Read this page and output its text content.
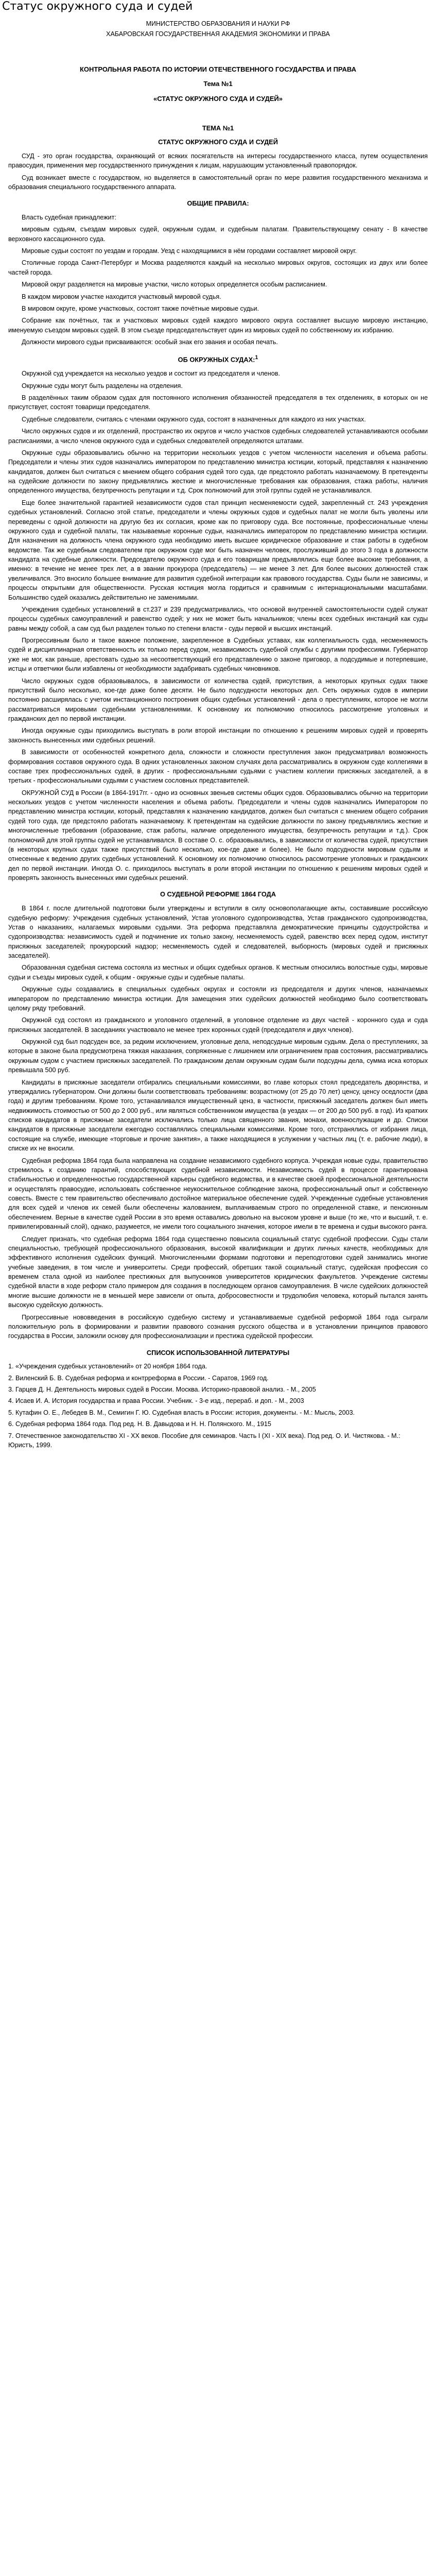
Статус окружного суда и судей
МИНИСТЕРСТВО ОБРАЗОВАНИЯ И НАУКИ РФ
ХАБАРОВСКАЯ ГОСУДАРСТВЕННАЯ АКАДЕМИЯ ЭКОНОМИКИ И ПРАВА
КОНТРОЛЬНАЯ РАБОТА ПО ИСТОРИИ ОТЕЧЕСТВЕННОГО ГОСУДАРСТВА И ПРАВА
Тема №1
«СТАТУС ОКРУЖНОГО СУДА И СУДЕЙ»
ТЕМА №1
СТАТУС ОКРУЖНОГО СУДА И СУДЕЙ

СУД - это орган государства, охраняющий от всяких посягательств на интересы государственного класса, путем осуществления правосудия, применения мер государственного принуждения к лицам, нарушающим установленный правопорядок.

Суд возникает вместе с государством, но выделяется в самостоятельный орган по мере развития государственного механизма и образования специального государственного аппарата.

ОБЩИЕ ПРАВИЛА:

Власть судебная принадлежит:

мировым судьям, съездам мировых судей, окружным судам, и судебным палатам. Правительствующему сенату - В качестве верховного кассационного суда.

Мировые судьи состоят по уездам и городам. Уезд с находящимися в нём городами составляет мировой округ.

Столичные города Санкт-Петербург и Москва разделяются каждый на несколько мировых округов, состоящих из двух или более частей города.

Мировой округ разделяется на мировые участки, число которых определяется особым расписанием.

В каждом мировом участке находится участковый мировой судья.

В мировом округе, кроме участковых, состоят также почётные мировые судьи.

Собрание как почётных, так и участковых мировых судей каждого мирового округа составляет высшую мировую инстанцию, именуемую съездом мировых судей. В этом съезде председательствует один из мировых судей по собственному их избранию.

Должности мирового судьи присваиваются: особый знак его звания и особая печать.

ОБ ОКРУЖНЫХ СУДАХ:$^1$

Окружной суд учреждается на несколько уездов и состоит из председателя и членов.

Окружные суды могут быть разделены на отделения.

В разделённых таким образом судах для постоянного исполнения обязанностей председателя в тех отделениях, в которых он не присутствует, состоят товарищи председателя.

Судебные следователи, считаясь с членами окружного суда, состоят в назначенных для каждого из них участках.

Число окружных судов и их отделений, пространство их округов и число участков судебных следователей устанавливаются особыми расписаниями, а число членов окружного суда и судебных следователей определяются штатами.

Окружные суды образовывались обычно на территории нескольких уездов с учетом численности населения и объема работы. Председатели и члены этих судов назначались императором по представлению министра юстиции, который, представляя к назначению кандидатов, должен был считаться с мнением общего собрания судей того суда, где предстояло работать назначаемому. В претенденты на судейские должности по закону предъявлялись жесткие и многочисленные требования как образования, стажа работы, наличия определенного имущества, безупречность репутации и т.д. Срок полномочий для этой группы судей не устанавливался.

Еще более значительной гарантией независимости судов стал принцип несменяемости судей, закрепленный ст. 243 учреждения судебных установлений. Согласно этой статье, председатели и члены окружных судов и судебных палат не могли быть уволены или переведены с одной должности на другую без их согласия, кроме как по приговору суда. Все постоянные, профессиональные члены окружного суда и судебной палаты, так называемые коронные судьи, назначались императором по представлению министра юстиции. Для назначения на должность члена окружного суда необходимо иметь высшее юридическое образование и стаж работы в судебном ведомстве. Так же судебным следователем при окружном суде мог быть назначен человек, прослуживший до этого 3 года в должности кандидата на судебные должности. Председателю окружного суда и его товарищам предъявлялись еще более высокие требования, а именно: в течение не менее трех лет, а в звании прокурора (председатель) — не менее 3 лет. Для более высоких должностей стаж увеличивался. Это вносило большее внимание для развития судебной интеграции как правового государства. Суды были не зависимы, и процессы открытыми для общественности. Русская юстиция могла гордиться и сравнимым с интернациональными масштабами. Большинство судей оказались действительно не заменимыми.

Учреждения судебных установлений в ст.237 и 239 предусматривались, что основой внутренней самостоятельности судей служат процессы судебных самоуправлений и равенство судей; у них не может быть начальников; члены всех судебных инстанций как суды равны между собой, а сам суд был разделен только по степени власти - суды первой и высших инстанций.

Прогрессивным было и такое важное положение, закрепленное в Судебных уставах, как коллегиальность суда, несменяемость судей и дисциплинарная ответственность их только перед судом, независимость судебной службы с другими профессиями. Губернатор уже не мог, как раньше, арестовать судью за несоответствующий его представлению о законе приговор, а подсудимые и потерпевшие, истцы и ответчики были избавлены от необходимости задабривать судебных чиновников.

Число окружных судов образовывалось, в зависимости от количества судей, присутствия, а некоторых крупных судах также присутствий было несколько, кое-где даже более десяти. Не было подсудности некоторых дел. Сеть окружных судов в империи постоянно расширялась с учетом инстанционного построения общих судебных установлений - дела о преступлениях, которое не могли рассматриваться мировыми судебными установлениями. К основному их полномочию относилось рассмотрение уголовных и гражданских дел по первой инстанции.

Иногда окружные суды приходились выступать в роли второй инстанции по отношению к решениям мировых судей и проверять законность вынесенных ими судебных решений.

В зависимости от особенностей конкретного дела, сложности и сложности преступления закон предусматривал возможность формирования составов окружного суда. В одних установленных законом случаях дела рассматривались в окружном суде коллегиями в составе трех профессиональных судей, в других - профессиональными судьями с участием коллегии присяжных заседателей, а в третьих - профессиональными судьями с участием сословных представителей.

ОКРУЖНОЙ СУД в России (в 1864-1917гг. - одно из основных звеньев системы общих судов. Образовывались обычно на территории нескольких уездов с учетом численности населения и объема работы. Председатели и члены судов назначались Императором по представлению министра юстиции, который, представляя к назначению кандидатов, должен был считаться с мнением общего собрания судей того суда, где предстояло работать назначаемому. К претендентам на судейские должности по закону предъявлялись жесткие и многочисленные требования (образование, стаж работы, наличие определенного имущества, безупречность репутации и т.д.). Срок полномочий для этой группы судей не устанавливался. В составе О. с. образовывались, в зависимости от количества судей, присутствия (в некоторых крупных судах также присутствий было несколько, кое-где даже и более). Не было подсудности мировым судьям и отнесенные к ведению других судебных установлений. К основному их полномочию относилось рассмотрение уголовных и гражданских дел по первой инстанции. Иногда О. с. приходилось выступать в роли второй инстанции по отношению к решениям мировых судей и проверять законность вынесенных ими судебных решений.

О СУДЕБНОЙ РЕФОРМЕ 1864 ГОДА

В 1864 г. после длительной подготовки были утверждены и вступили в силу основополагающие акты, составившие российскую судебную реформу: Учреждения судебных установлений, Устав уголовного судопроизводства, Устав гражданского судопроизводства, Устав о наказаниях, налагаемых мировыми судьями. Эта реформа представляла демократические принципы судоустройства и судопроизводства: независимость судей и подчинение их только закону, несменяемость судей, равенство всех перед судом, институт присяжных заседателей; прокурорский надзор; несменяемость судей и следователей, выборность (мировых судей и присяжных заседателей).

Образованная судебная система состояла из местных и общих судебных органов. К местным относились волостные суды, мировые судьи и съезды мировых судей, к общим - окружные суды и судебные палаты.

Окружные суды создавались в специальных судебных округах и состояли из председателя и других членов, назначаемых императором по представлению министра юстиции. Для замещения этих судейских должностей необходимо было соответствовать целому ряду требований.

Окружной суд состоял из гражданского и уголовного отделений, в уголовное отделение из двух частей - коронного суда и суда присяжных заседателей. В заседаниях участвовало не менее трех коронных судей (председателя и двух членов).

Окружной суд был подсуден все, за редким исключением, уголовные дела, неподсудные мировым судьям. Дела о преступлениях, за которые в законе была предусмотрена тяжкая наказания, сопряженные с лишением или ограничением прав состояния, рассматривались окружным судом с участием присяжных заседателей. По гражданским делам окружным судам были подсудны дела, сумма иска которых превышала 500 руб.

Кандидаты в присяжные заседатели отбирались специальными комиссиями, во главе которых стоял председатель дворянства, и утверждались губернатором. Они должны были соответствовать требованиям: возрастному (от 25 до 70 лет) ценсу, ценсу оседлости (два года) и другим требованиям. Кроме того, устанавливался имущественный ценз, в частности, присяжный заседатель должен был иметь недвижимость стоимостью от 500 до 2 000 руб., или являться собственником имущества (в уездах — от 200 до 500 руб. в год). Из кратких списков кандидатов в присяжные заседатели исключались только лица священного звания, монахи, военнослужащие и др. Списки кандидатов в присяжные заседатели ежегодно составлялись специальными комиссиями. Кроме того, отстранялись от избрания лица, состоящие на службе, имеющие «торговые и прочие занятия», а также находящиеся в услужении у частных лиц (т. е. рабочие люди), в списке их не вносили.

Судебная реформа 1864 года была направлена на создание независимого судебного корпуса. Учреждая новые суды, правительство стремилось к созданию гарантий, способствующих судебной независимости. Независимость судей в процессе гарантирована стабильностью и определенностью государственной карьеры судебного ведомства, и в качестве своей профессиональной деятельности и осуществлять правосудие, использовать собственное неукоснительное соблюдение закона, профессиональный опыт и собственную совесть. Вместе с тем правительство обеспечивало достойное материальное обеспечение судей. Учрежденные судебные установления для всех судей и членов их семей были обеспечены жалованием, выплачиваемым строго по определенной ставке, и пенсионным обеспечением. Верные в качестве судей России в это время оставались довольно на высоком уровне и выше (то же, что и высший, т. е. привилегированный слой), однако, разумеется, не имели того социального значения, которое имели в те времена и судьи высокого ранга.

Следует признать, что судебная реформа 1864 года существенно повысила социальный статус судебной профессии. Суды стали специальностью, требующей профессионального образования, высокой квалификации и других личных качеств, необходимых для эффективного исполнения судейских функций. Многочисленными формами подготовки и переподготовки судей занимались многие учебные заведения, в том числе и университеты. Среди профессий, обретших такой социальный статус, судейская профессия со временем стала одной из наиболее престижных для выпускников университетов юридических факультетов. Учреждение системы судебной власти в ходе реформ стало примером для создания в последующем органов самоуправления. В числе судейских должностей многие высшие должности не в меньшей мере зависели от опыта, добросовестности и трудолюбия человека, который пытался занять высокую судейскую должность.

Прогрессивные нововведения в российскую судебную систему и устанавливаемые судебной реформой 1864 года сыграли положительную роль в формировании и развитии правового сознания русского общества и в установлении принципов правового государства в России, заложили основу для профессионализации и престижа судейской профессии.

СПИСОК ИСПОЛЬЗОВАННОЙ ЛИТЕРАТУРЫ

1. «Учреждения судебных установлений» от 20 ноября 1864 года.

2. Виленский Б. В. Судебная реформа и контрреформа в России. - Саратов, 1969 год.

3. Гарцев Д. Н. Деятельность мировых судей в России. Москва. Историко-правовой анализ. - М., 2005

4. Исаев И. А. История государства и права России. Учебник. - 3-е изд., перераб. и доп. - М., 2003

5. Кутафин О. Е., Лебедев В. М., Семигин Г. Ю. Судебная власть в России: история, документы. - М.: Мысль, 2003.

6. Судебная реформа 1864 года. Под ред. Н. В. Давыдова и Н. Н. Полянского. М., 1915

7. Отечественное законодательство XI - XX веков. Пособие для семинаров. Часть I (XI - XIX века). Под ред. О. И. Чистякова. - М.: Юристъ, 1999.
